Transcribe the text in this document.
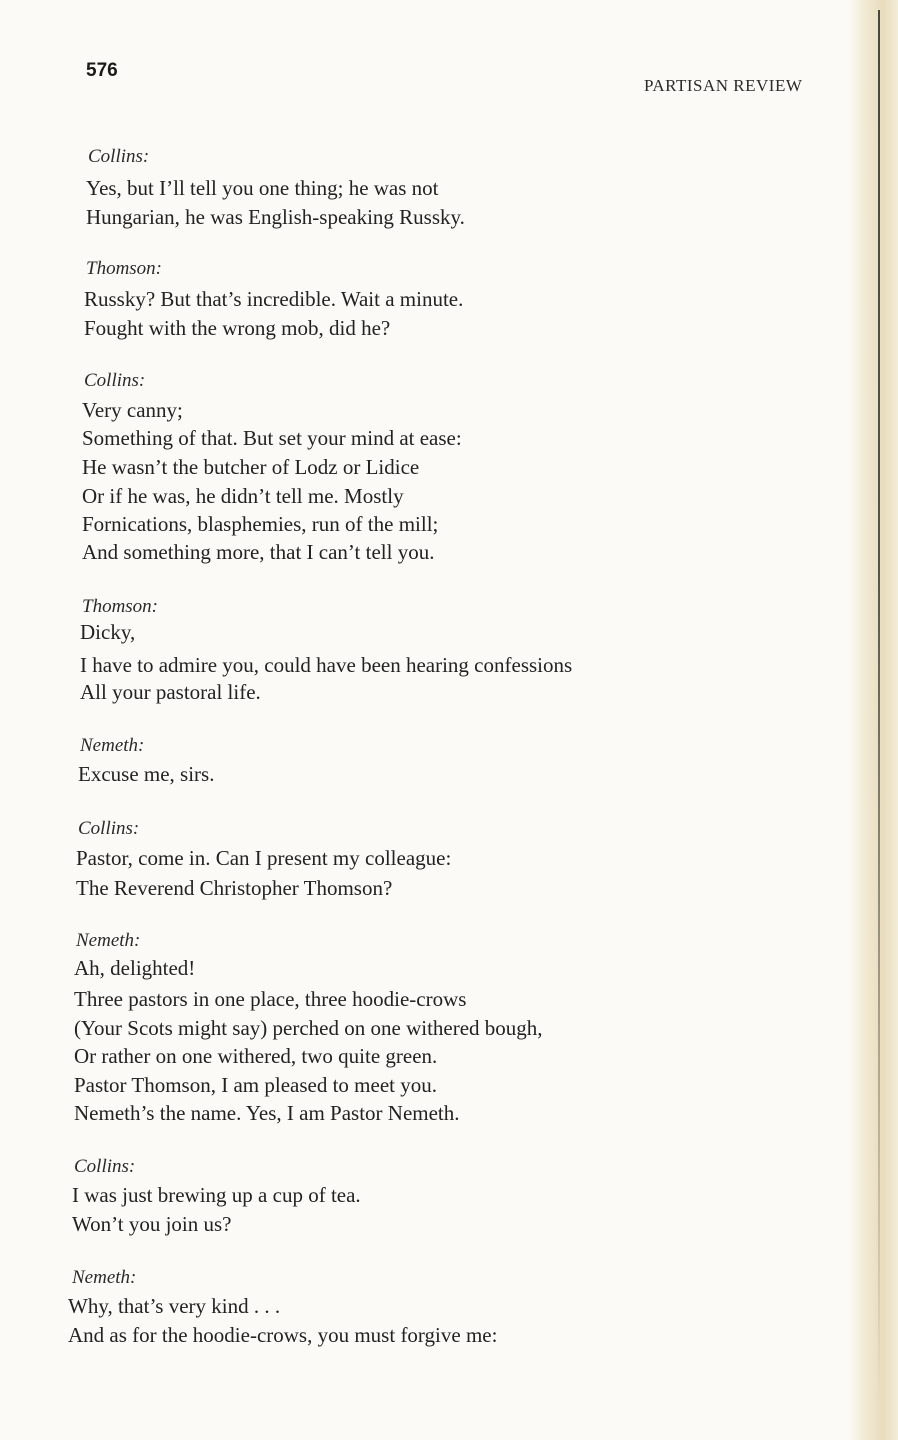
576
PARTISAN REVIEW
Collins:
Yes, but I’ll tell you one thing; he was not
Hungarian, he was English-speaking Russky.
Thomson:
Russky? But that’s incredible. Wait a minute.
Fought with the wrong mob, did he?
Collins:
Very canny;
Something of that. But set your mind at ease:
He wasn’t the butcher of Lodz or Lidice
Or if he was, he didn’t tell me. Mostly
Fornications, blasphemies, run of the mill;
And something more, that I can’t tell you.
Thomson:
Dicky,
I have to admire you, could have been hearing confessions
All your pastoral life.
Nemeth:
Excuse me, sirs.
Collins:
Pastor, come in. Can I present my colleague:
The Reverend Christopher Thomson?
Nemeth:
Ah, delighted!
Three pastors in one place, three hoodie-crows
(Your Scots might say) perched on one withered bough,
Or rather on one withered, two quite green.
Pastor Thomson, I am pleased to meet you.
Nemeth’s the name. Yes, I am Pastor Nemeth.
Collins:
I was just brewing up a cup of tea.
Won’t you join us?
Nemeth:
Why, that’s very kind . . .
And as for the hoodie-crows, you must forgive me:
